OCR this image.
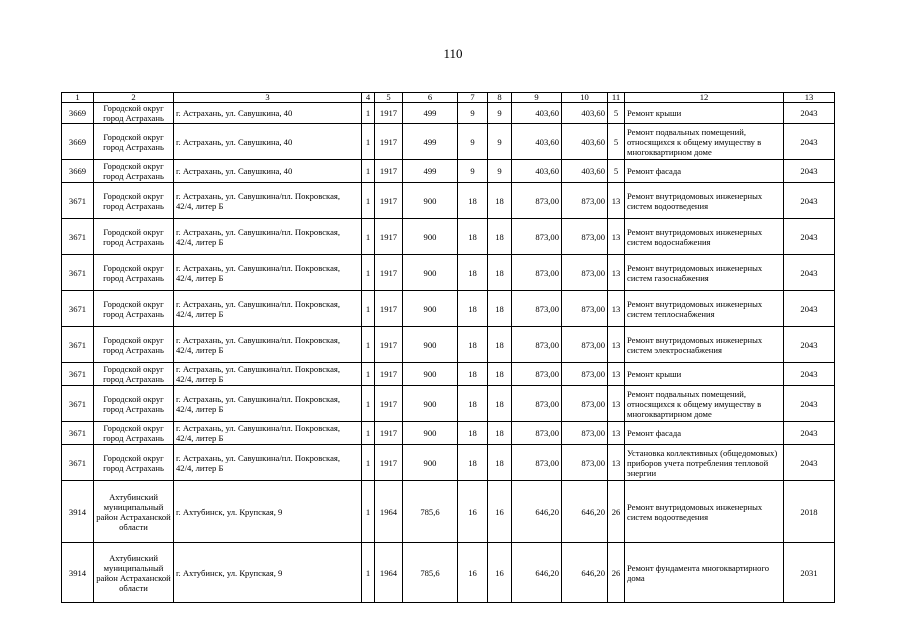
110
1	2	3	4	5	6	7	8	9	10	11	12	13
3669	Городской округ город Астрахань	г. Астрахань, ул. Савушкина, 40	1	1917	499	9	9	403,60	403,60	5	Ремонт крыши	2043
3669	Городской округ город Астрахань	г. Астрахань, ул. Савушкина, 40	1	1917	499	9	9	403,60	403,60	5	Ремонт подвальных помещений, относящихся к общему имуществу в многоквартирном доме	2043
3669	Городской округ город Астрахань	г. Астрахань, ул. Савушкина, 40	1	1917	499	9	9	403,60	403,60	5	Ремонт фасада	2043
3671	Городской округ город Астрахань	г. Астрахань, ул. Савушкина/пл. Покровская, 42/4, литер Б	1	1917	900	18	18	873,00	873,00	13	Ремонт внутридомовых инженерных систем водоотведения	2043
3671	Городской округ город Астрахань	г. Астрахань, ул. Савушкина/пл. Покровская, 42/4, литер Б	1	1917	900	18	18	873,00	873,00	13	Ремонт внутридомовых инженерных систем водоснабжения	2043
3671	Городской округ город Астрахань	г. Астрахань, ул. Савушкина/пл. Покровская, 42/4, литер Б	1	1917	900	18	18	873,00	873,00	13	Ремонт внутридомовых инженерных систем газоснабжения	2043
3671	Городской округ город Астрахань	г. Астрахань, ул. Савушкина/пл. Покровская, 42/4, литер Б	1	1917	900	18	18	873,00	873,00	13	Ремонт внутридомовых инженерных систем теплоснабжения	2043
3671	Городской округ город Астрахань	г. Астрахань, ул. Савушкина/пл. Покровская, 42/4, литер Б	1	1917	900	18	18	873,00	873,00	13	Ремонт внутридомовых инженерных систем электроснабжения	2043
3671	Городской округ город Астрахань	г. Астрахань, ул. Савушкина/пл. Покровская, 42/4, литер Б	1	1917	900	18	18	873,00	873,00	13	Ремонт крыши	2043
3671	Городской округ город Астрахань	г. Астрахань, ул. Савушкина/пл. Покровская, 42/4, литер Б	1	1917	900	18	18	873,00	873,00	13	Ремонт подвальных помещений, относящихся к общему имуществу в многоквартирном доме	2043
3671	Городской округ город Астрахань	г. Астрахань, ул. Савушкина/пл. Покровская, 42/4, литер Б	1	1917	900	18	18	873,00	873,00	13	Ремонт фасада	2043
3671	Городской округ город Астрахань	г. Астрахань, ул. Савушкина/пл. Покровская, 42/4, литер Б	1	1917	900	18	18	873,00	873,00	13	Установка коллективных (общедомовых) приборов учета потребления тепловой энергии	2043
3914	Ахтубинский муниципальный район Астраханской области	г. Ахтубинск, ул. Крупская, 9	1	1964	785,6	16	16	646,20	646,20	26	Ремонт внутридомовых инженерных систем водоотведения	2018
3914	Ахтубинский муниципальный район Астраханской области	г. Ахтубинск, ул. Крупская, 9	1	1964	785,6	16	16	646,20	646,20	26	Ремонт фундамента многоквартирного дома	2031
